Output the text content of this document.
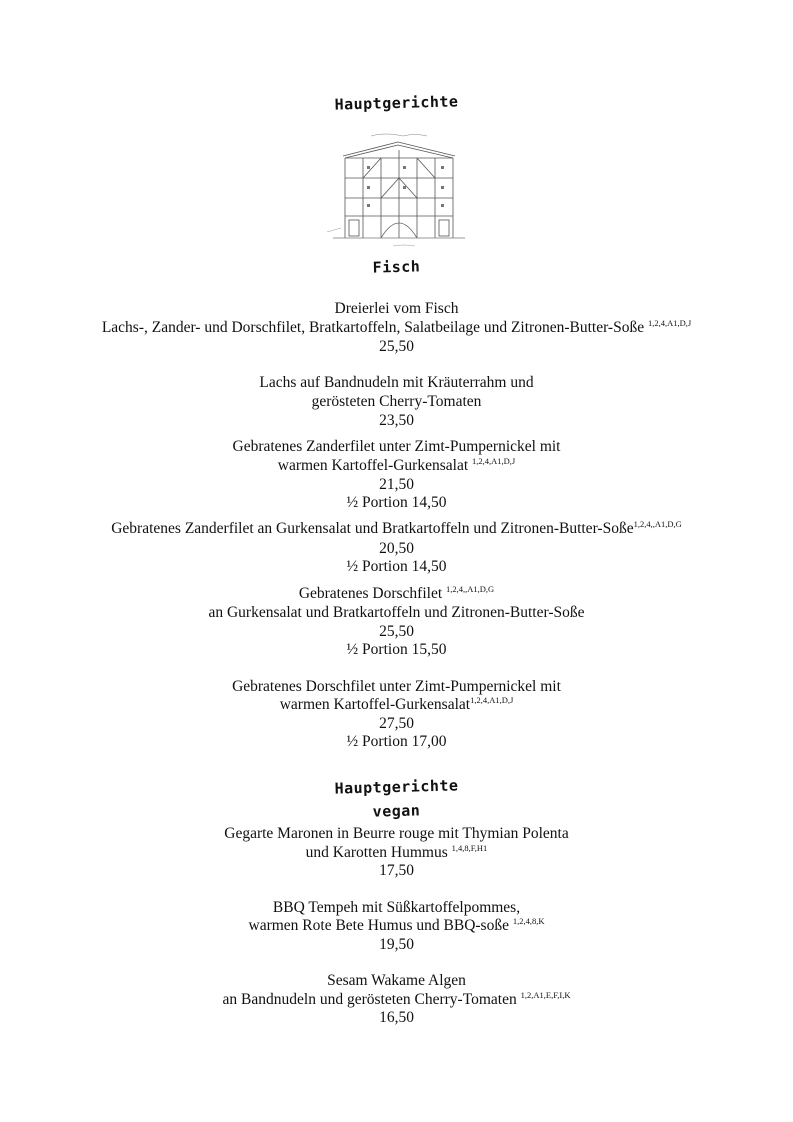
Hauptgerichte
Fisch
Dreierlei vom Fisch
Lachs-, Zander- und Dorschfilet, Bratkartoffeln, Salatbeilage und Zitronen-Butter-Soße $^{1,2,4,A1,D,J}$
25,50
Lachs auf Bandnudeln mit Kräuterrahm und
gerösteten Cherry-Tomaten
23,50
Gebratenes Zanderfilet unter Zimt-Pumpernickel mit
warmen Kartoffel-Gurkensalat $^{1,2,4,A1,D,J}$
21,50
½ Portion 14,50
Gebratenes Zanderfilet an Gurkensalat und Bratkartoffeln und Zitronen-Butter-Soße$^{1,2,4,,A1,D,G}$
20,50
½ Portion 14,50
Gebratenes Dorschfilet $^{1,2,4,,A1,D,G}$
an Gurkensalat und Bratkartoffeln und Zitronen-Butter-Soße
25,50
½ Portion 15,50
Gebratenes Dorschfilet unter Zimt-Pumpernickel mit
warmen Kartoffel-Gurkensalat$^{1,2,4,A1,D,J}$
27,50
½ Portion 17,00
Hauptgerichte
vegan
Gegarte Maronen in Beurre rouge mit Thymian Polenta
und Karotten Hummus $^{1,4,8,F,H1}$
17,50
BBQ Tempeh mit Süßkartoffelpommes,
warmen Rote Bete Humus und BBQ-soße $^{1,2,4,8,K}$
19,50
Sesam Wakame Algen
an Bandnudeln und gerösteten Cherry-Tomaten $^{1,2,A1,E,F,I,K}$
16,50
